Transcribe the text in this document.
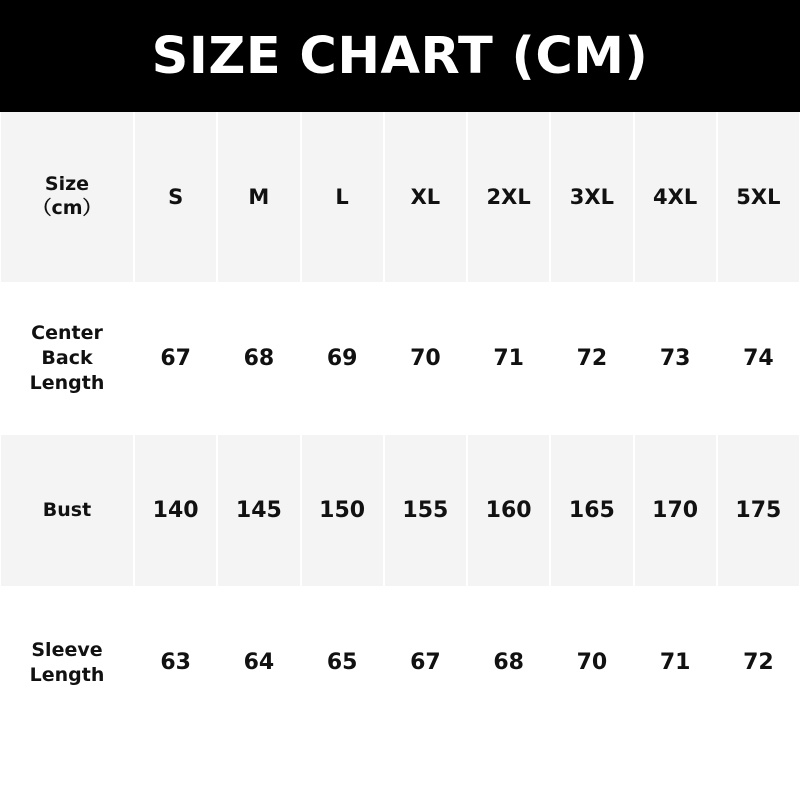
SIZE CHART (CM)
Size
（cm）	S	M	L	XL	2XL	3XL	4XL	5XL

Center
Back
Length	67	68	69	70	71	72	73	74

Bust	140	145	150	155	160	165	170	175

Sleeve
Length	63	64	65	67	68	70	71	72
